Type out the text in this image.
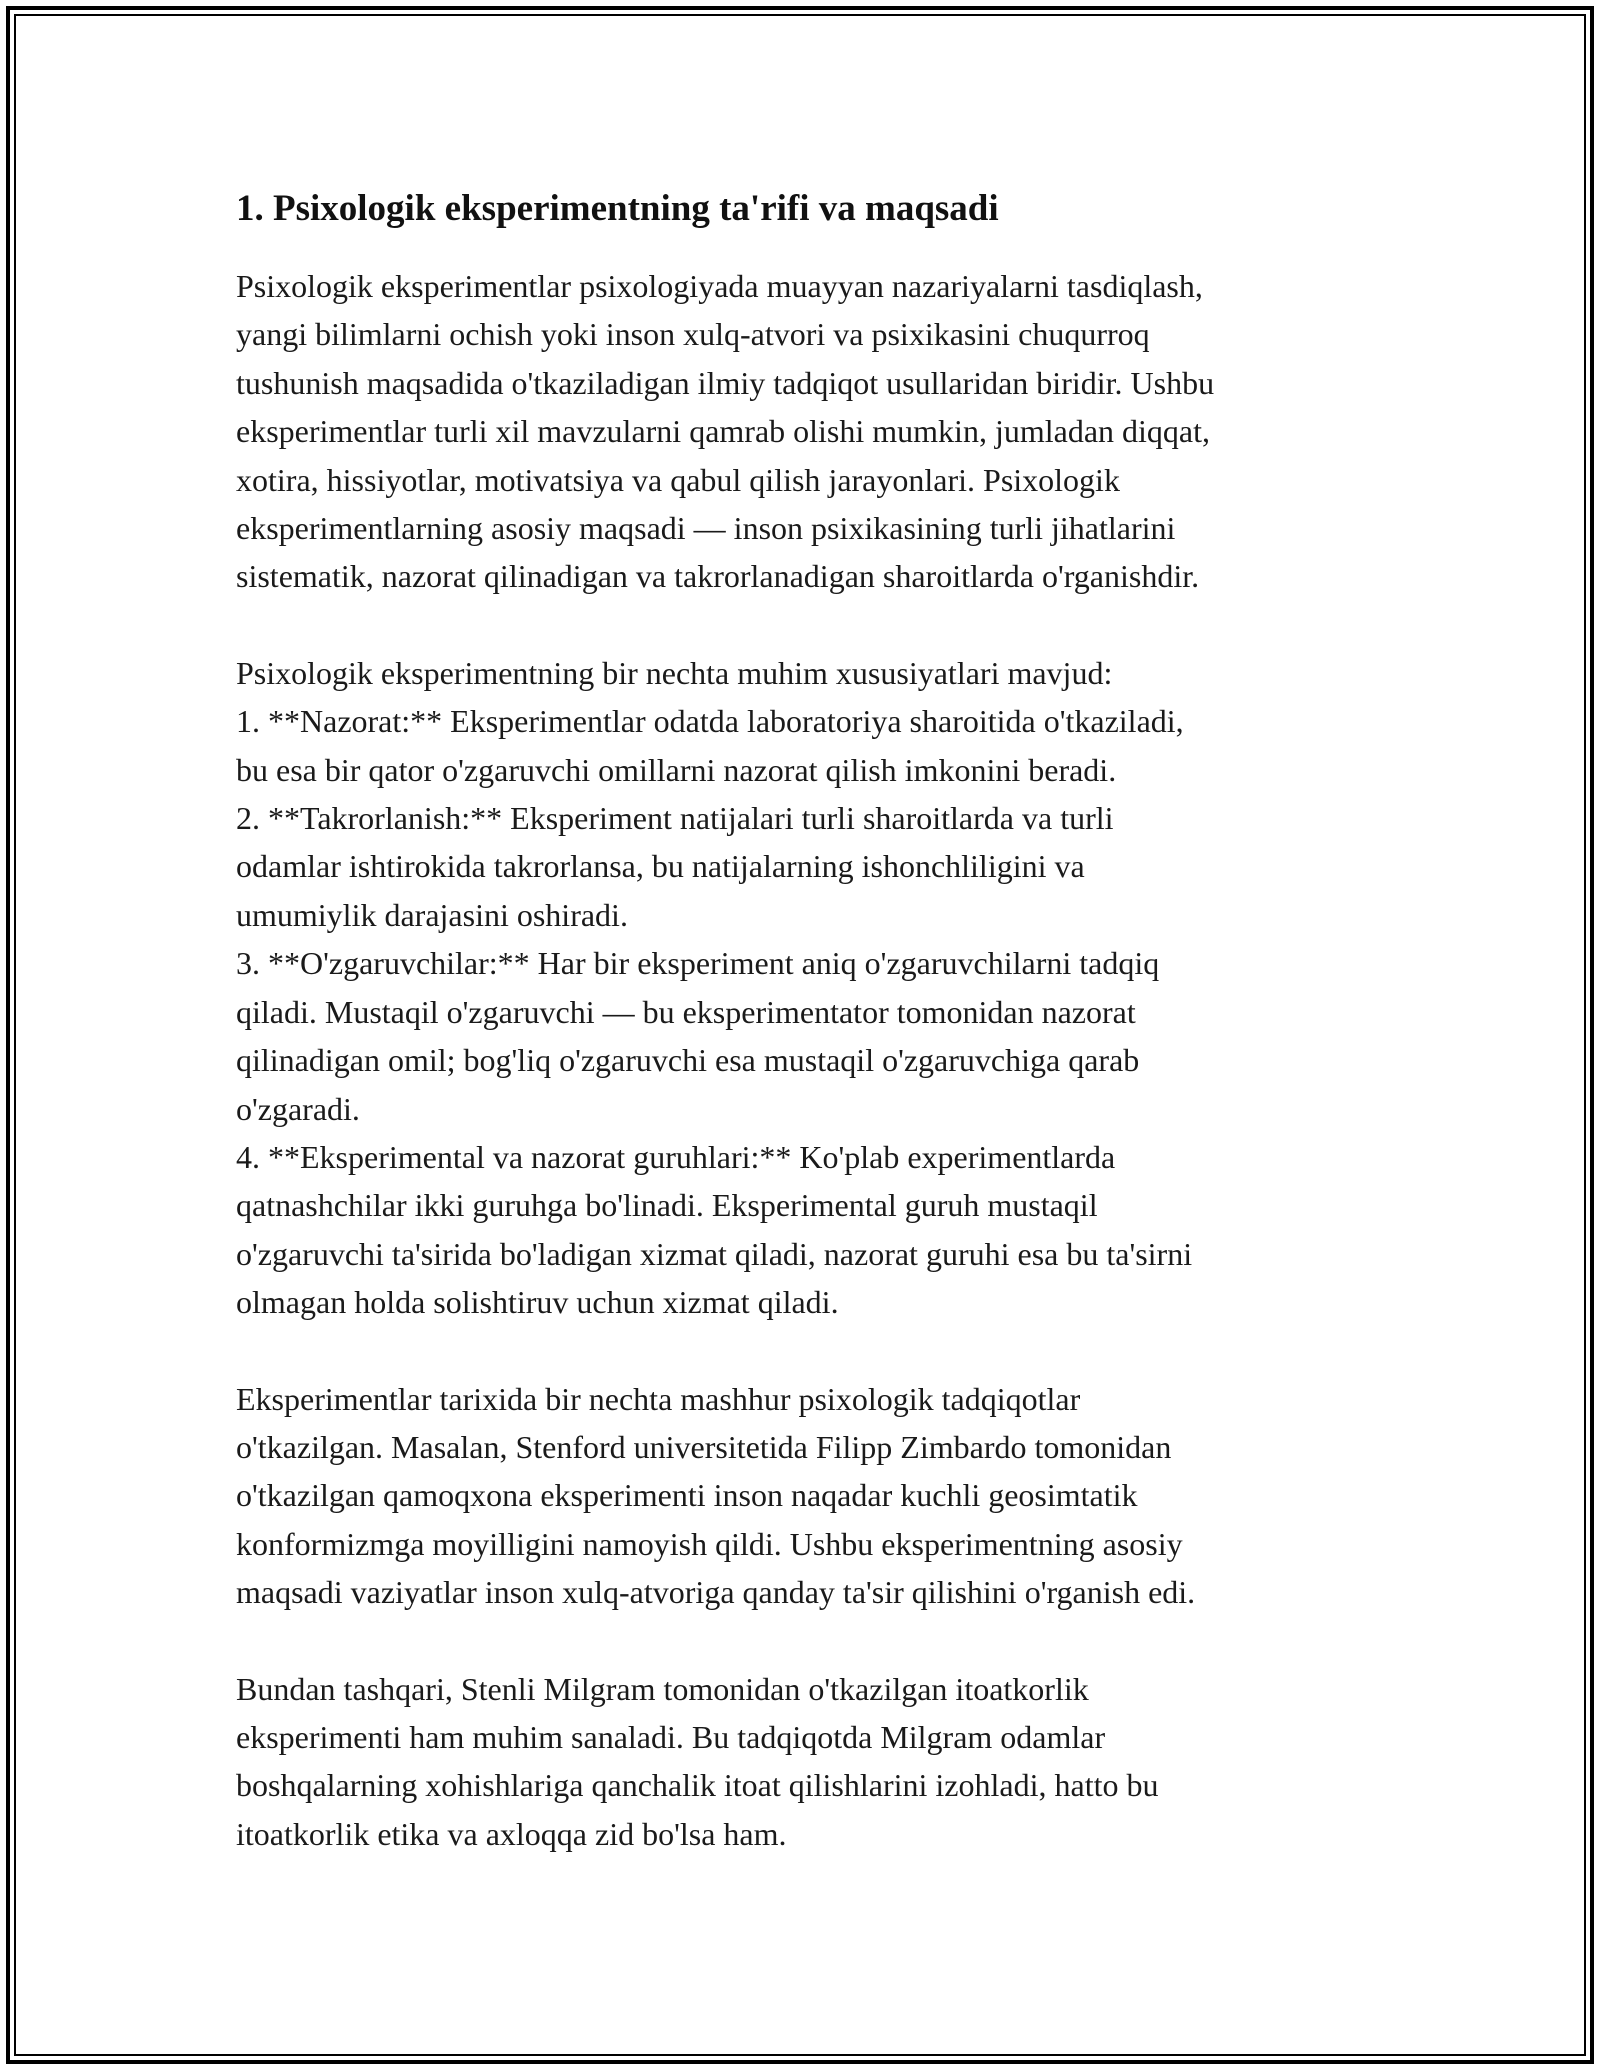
1. Psixologik eksperimentning ta'rifi va maqsadi
Psixologik eksperimentlar psixologiyada muayyan nazariyalarni tasdiqlash,
yangi bilimlarni ochish yoki inson xulq-atvori va psixikasini chuqurroq
tushunish maqsadida o'tkaziladigan ilmiy tadqiqot usullaridan biridir. Ushbu
eksperimentlar turli xil mavzularni qamrab olishi mumkin, jumladan diqqat,
xotira, hissiyotlar, motivatsiya va qabul qilish jarayonlari. Psixologik
eksperimentlarning asosiy maqsadi — inson psixikasining turli jihatlarini
sistematik, nazorat qilinadigan va takrorlanadigan sharoitlarda o'rganishdir.
Psixologik eksperimentning bir nechta muhim xususiyatlari mavjud:
1. **Nazorat:** Eksperimentlar odatda laboratoriya sharoitida o'tkaziladi,
bu esa bir qator o'zgaruvchi omillarni nazorat qilish imkonini beradi.
2. **Takrorlanish:** Eksperiment natijalari turli sharoitlarda va turli
odamlar ishtirokida takrorlansa, bu natijalarning ishonchliligini va
umumiylik darajasini oshiradi.
3. **O'zgaruvchilar:** Har bir eksperiment aniq o'zgaruvchilarni tadqiq
qiladi. Mustaqil o'zgaruvchi — bu eksperimentator tomonidan nazorat
qilinadigan omil; bog'liq o'zgaruvchi esa mustaqil o'zgaruvchiga qarab
o'zgaradi.
4. **Eksperimental va nazorat guruhlari:** Ko'plab experimentlarda
qatnashchilar ikki guruhga bo'linadi. Eksperimental guruh mustaqil
o'zgaruvchi ta'sirida bo'ladigan xizmat qiladi, nazorat guruhi esa bu ta'sirni
olmagan holda solishtiruv uchun xizmat qiladi.
Eksperimentlar tarixida bir nechta mashhur psixologik tadqiqotlar
o'tkazilgan. Masalan, Stenford universitetida Filipp Zimbardo tomonidan
o'tkazilgan qamoqxona eksperimenti inson naqadar kuchli geosimtatik
konformizmga moyilligini namoyish qildi. Ushbu eksperimentning asosiy
maqsadi vaziyatlar inson xulq-atvoriga qanday ta'sir qilishini o'rganish edi.
Bundan tashqari, Stenli Milgram tomonidan o'tkazilgan itoatkorlik
eksperimenti ham muhim sanaladi. Bu tadqiqotda Milgram odamlar
boshqalarning xohishlariga qanchalik itoat qilishlarini izohladi, hatto bu
itoatkorlik etika va axloqqa zid bo'lsa ham.
